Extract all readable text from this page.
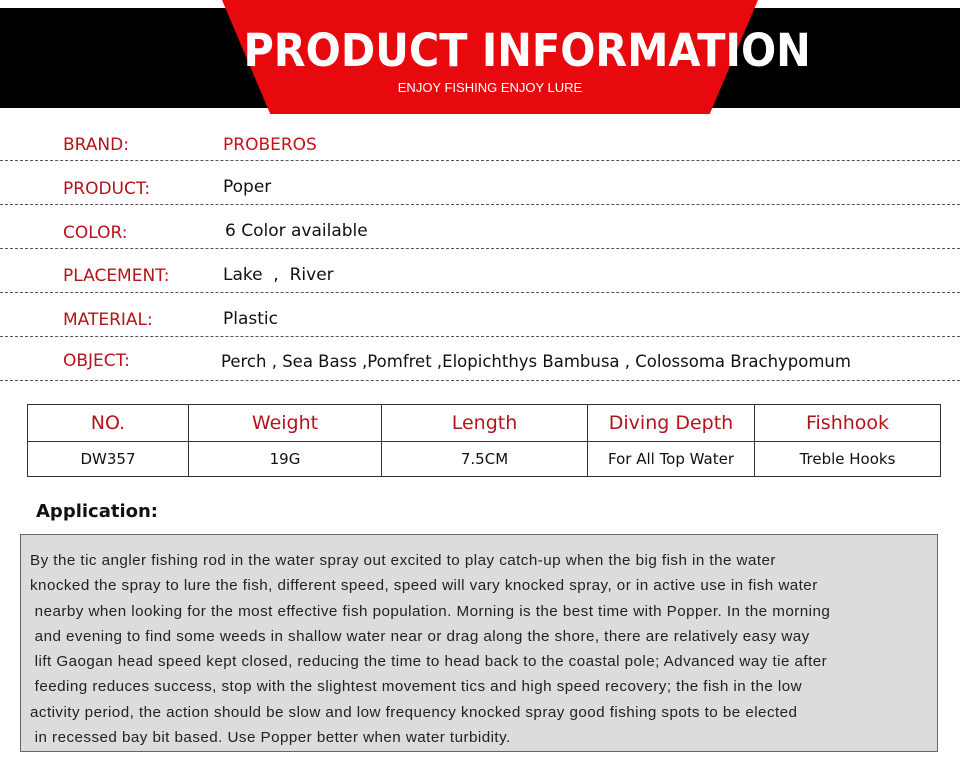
PRODUCT INFORMATION
ENJOY FISHING ENJOY LURE
BRAND:	PROBEROS
PRODUCT:	Poper
COLOR:	6 Color available
PLACEMENT:	Lake  ,  River
MATERIAL:	Plastic
OBJECT:	Perch , Sea Bass ,Pomfret ,Elopichthys Bambusa , Colossoma Brachypomum
NO.	Weight	Length	Diving Depth	Fishhook
DW357	19G	7.5CM	For All Top Water	Treble Hooks
Application:
By the tic angler fishing rod in the water spray out excited to play catch-up when the big fish in the water
knocked the spray to lure the fish, different speed, speed will vary knocked spray, or in active use in fish water
nearby when looking for the most effective fish population. Morning is the best time with Popper. In the morning
and evening to find some weeds in shallow water near or drag along the shore, there are relatively easy way
lift Gaogan head speed kept closed, reducing the time to head back to the coastal pole; Advanced way tie after
feeding reduces success, stop with the slightest movement tics and high speed recovery; the fish in the low
activity period, the action should be slow and low frequency knocked spray good fishing spots to be elected
in recessed bay bit based. Use Popper better when water turbidity.
